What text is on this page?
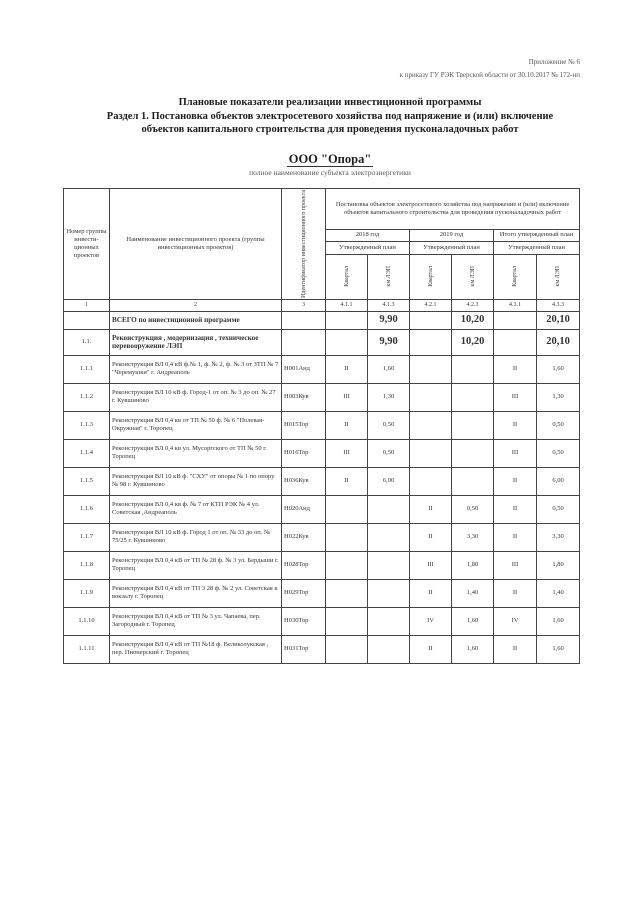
Приложение № 6
к приказу ГУ РЭК Тверской области от 30.10.2017 № 172-нп
Плановые показатели реализации инвестиционной программы
Раздел 1. Постановка объектов электросетевого хозяйства под напряжение и (или) включение
объектов капитального строительства для проведения пусконаладочных работ
ООО "Опора"
полное наименование субъекта электроэнергетики
Номер группы инвести-ционных проектов	Наименование инвестиционного проекта (группы инвестиционных проектов)	Идентификатор инвестиционного проекта	Постановка объектов электросетевого хозяйства под напряжение и (или) включение объектов капитального строительства для проведения пусконаладочных работ					
			2018 год		2019 год		Итого утвержденный план	
			Утвержденный план		Утвержденный план		Утвержденный план	

			Квартал	км ЛЭП	Квартал	км ЛЭП	Квартал	км ЛЭП

1	2	3	4.1.1	4.1.3	4.2.1	4.2.3	4.3.1	4.3.3
	ВСЕГО по инвестиционной программе			9,90		10,20		20,10
1.1.	Реконструкция , модернизация , техническое перевооружение ЛЭП			9,90		10,20		20,10
1.1.1	Реконструкция ВЛ 0,4 кВ ф.№ 1, ф. № 2, ф. № 3 от ЗТП № 7 "Черемушки" г. Андреаполь	Н001Анд	II	1,60			II	1,60
1.1.2	Реконструкция ВЛ 10 кВ ф. Город-1 от оп. № 3 до оп. № 27 г. Кувшиново	Н003Кув	III	1,30			III	1,30
1.1.3	Реконструкция ВЛ 0,4 кв от ТП № 50 ф. № 6 "Полевая-Окружная" г. Торопец	Н015Тор	II	0,50			II	0,50
1.1.4	Реконструкция ВЛ 0,4 кв ул. Мусоргского от ТП № 50 г. Торопец	Н016Тор	III	0,50			III	0,50
1.1.5	Реконструкция ВЛ 10 кВ ф. "СХУ" от опоры № 1 по опору № 98 г. Кувшиново	Н036Кув	II	6,00			II	6,00
1.1.6	Реконструкция ВЛ 0,4 кв ф. № 7 от КТП РЭК № 4 ул. Советская ,Андреаполь	Н020Анд			II	0,50	II	0,50
1.1.7	Реконструкция ВЛ 10 кВ ф. Город 1 от оп. № 33 до оп. № 75/25 г. Кувшиново	Н022Кув			II	3,30	II	3,30
1.1.8	Реконструкция ВЛ 0,4 кВ от ТП № 28 ф. № 3 ул. Бердыши г. Торопец	Н028Тор			III	1,80	III	1,80
1.1.9	Реконструкция ВЛ 0,4 кВ от ТП 3 28 ф. № 2 ул. Советская к вокзалу г. Торопец	Н029Тор			II	1,40	II	1,40
1.1.10	Реконструкция ВЛ 0,4 кВ от ТП № 3 ул. Чапаева, пер. Загородный г. Торопец	Н030Тор			IV	1,60	IV	1,60
1.1.11	Реконструкция ВЛ 0,4 кВ от ТП №18 ф. Великолукская , пер. Пионерский г. Торопец	Н031Тор			II	1,60	II	1,60
